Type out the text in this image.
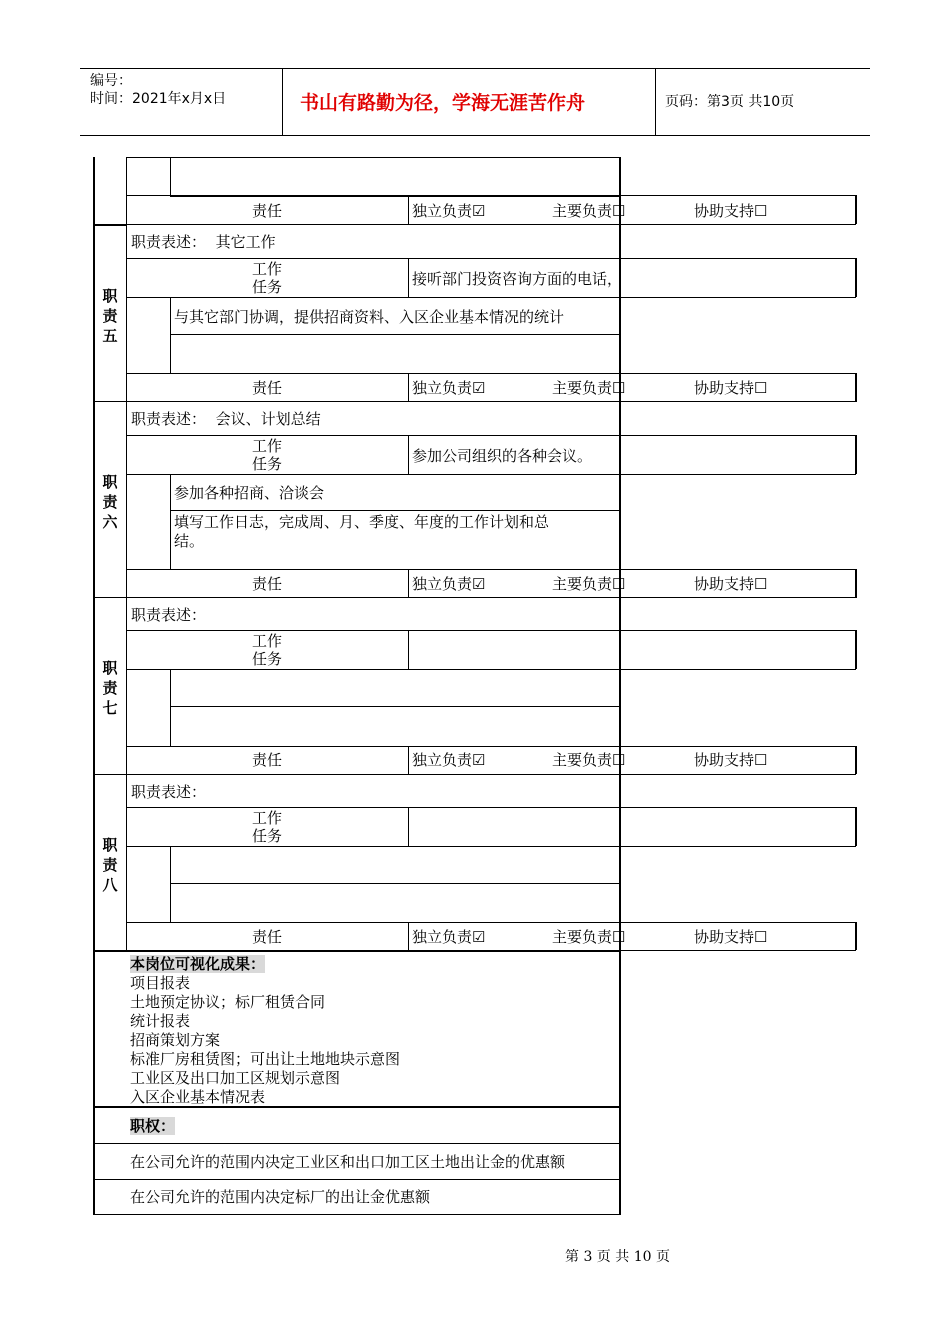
编号：
时间：2021年x月x日	书山有路勤为径，学海无涯苦作舟	页码：第3页 共10页
责任	独立负责☑	主要负责☐	协助支持☐
职
责
五
职责表述： 其它工作
工作
任务	接听部门投资咨询方面的电话，
与其它部门协调，提供招商资料、入区企业基本情况的统计
责任	独立负责☑	主要负责☐	协助支持☐
职
责
六
职责表述： 会议、计划总结
工作
任务	参加公司组织的各种会议。
参加各种招商、洽谈会
填写工作日志，完成周、月、季度、年度的工作计划和总
结。
责任	独立负责☑	主要负责☐	协助支持☐
职
责
七
职责表述：
工作
任务
责任	独立负责☑	主要负责☐	协助支持☐
职
责
八
职责表述：
工作
任务
责任	独立负责☑	主要负责☐	协助支持☐
本岗位可视化成果：
项目报表
土地预定协议；标厂租赁合同
统计报表
招商策划方案
标准厂房租赁图；可出让土地地块示意图
工业区及出口加工区规划示意图
入区企业基本情况表
职权：
在公司允许的范围内决定工业区和出口加工区土地出让金的优惠额
在公司允许的范围内决定标厂的出让金优惠额
第 3 页 共 10 页
